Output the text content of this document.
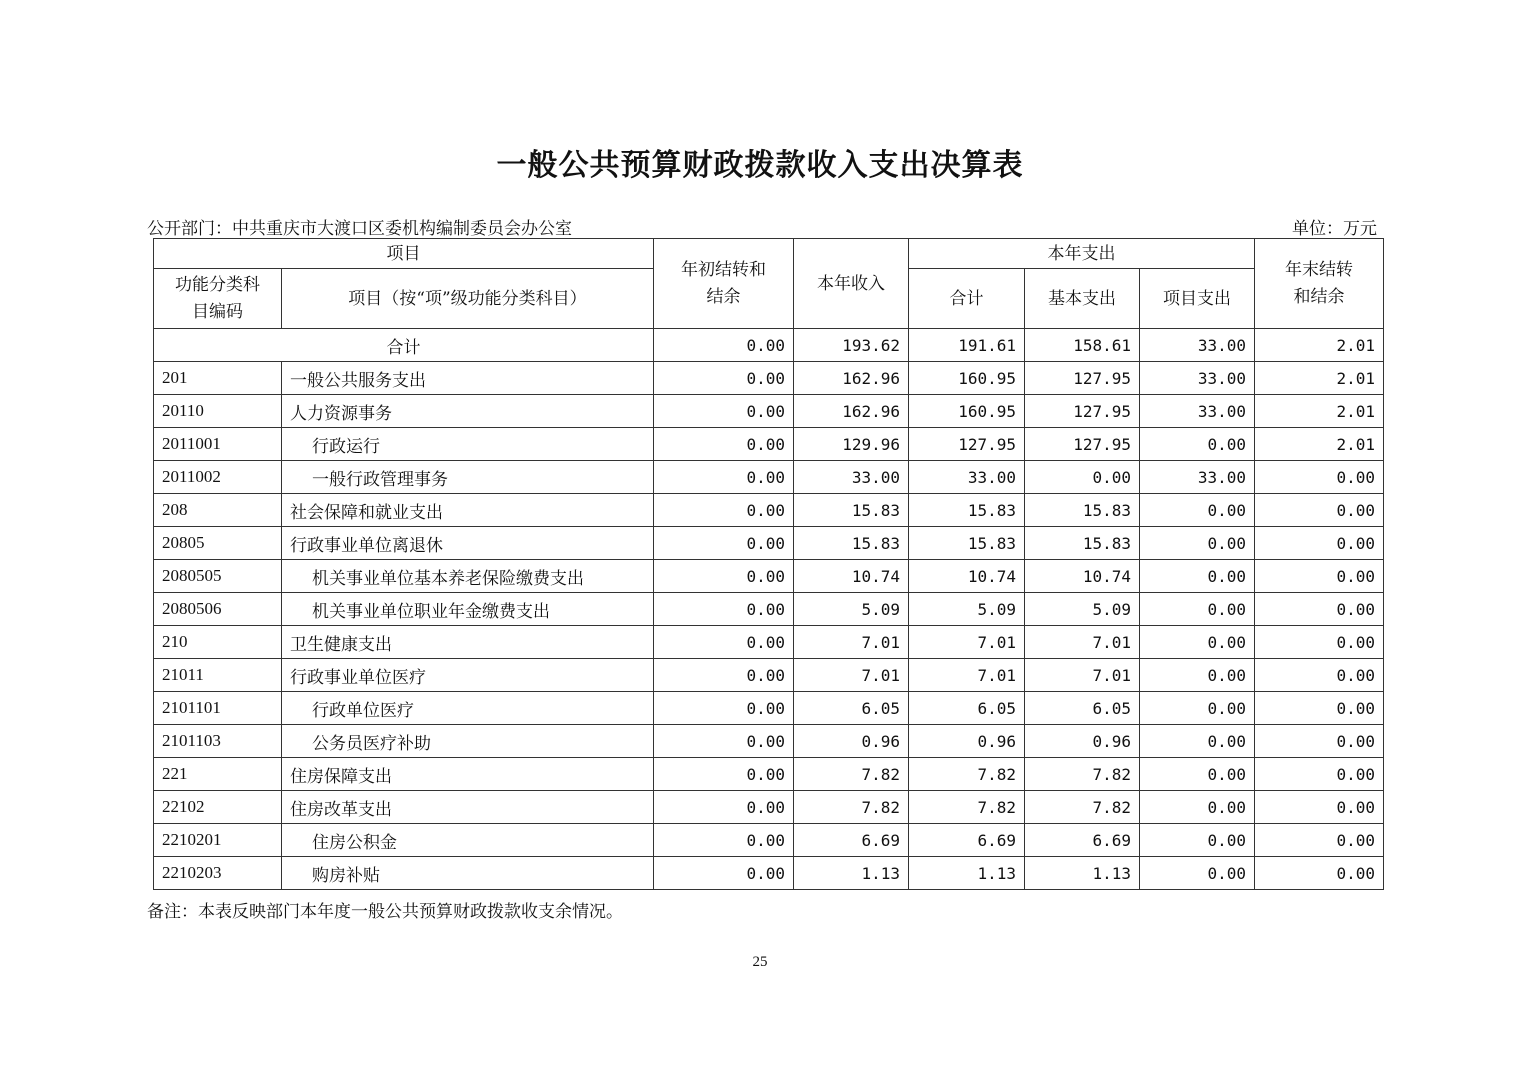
一般公共预算财政拨款收入支出决算表
公开部门：中共重庆市大渡口区委机构编制委员会办公室	单位：万元
项目		年初结转和结余	本年收入	本年支出			年末结转和结余
功能分类科目编码	项目（按“项”级功能分类科目）			合计	基本支出	项目支出	
合计		0.00	193.62	191.61	158.61	33.00	2.01
201	一般公共服务支出	0.00	162.96	160.95	127.95	33.00	2.01
20110	人力资源事务	0.00	162.96	160.95	127.95	33.00	2.01
2011001	行政运行	0.00	129.96	127.95	127.95	0.00	2.01
2011002	一般行政管理事务	0.00	33.00	33.00	0.00	33.00	0.00
208	社会保障和就业支出	0.00	15.83	15.83	15.83	0.00	0.00
20805	行政事业单位离退休	0.00	15.83	15.83	15.83	0.00	0.00
2080505	机关事业单位基本养老保险缴费支出	0.00	10.74	10.74	10.74	0.00	0.00
2080506	机关事业单位职业年金缴费支出	0.00	5.09	5.09	5.09	0.00	0.00
210	卫生健康支出	0.00	7.01	7.01	7.01	0.00	0.00
21011	行政事业单位医疗	0.00	7.01	7.01	7.01	0.00	0.00
2101101	行政单位医疗	0.00	6.05	6.05	6.05	0.00	0.00
2101103	公务员医疗补助	0.00	0.96	0.96	0.96	0.00	0.00
221	住房保障支出	0.00	7.82	7.82	7.82	0.00	0.00
22102	住房改革支出	0.00	7.82	7.82	7.82	0.00	0.00
2210201	住房公积金	0.00	6.69	6.69	6.69	0.00	0.00
2210203	购房补贴	0.00	1.13	1.13	1.13	0.00	0.00
备注：本表反映部门本年度一般公共预算财政拨款收支余情况。
25
